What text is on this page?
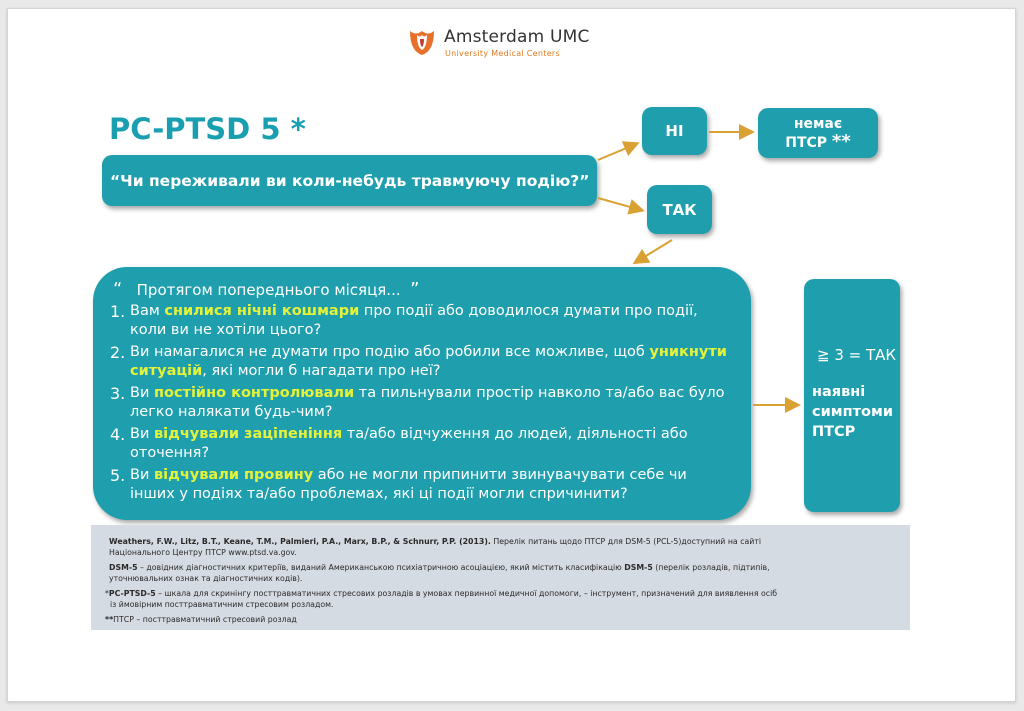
Amsterdam UMC
University Medical Centers
PC-PTSD 5 *
“Чи переживали ви коли-небудь травмуючу подію?”
НІ	немає
ПТСР **
ТАК
“ Протягом попереднього місяця... ”
1. Вам снилися нічні кошмари про події або доводилося думати про події,
коли ви не хотіли цього?
2. Ви намагалися не думати про подію або робили все можливе, щоб уникнути
ситуацій, які могли б нагадати про неї?
3. Ви постійно контролювали та пильнували простір навколо та/або вас було
легко налякати будь-чим?
4. Ви відчували заціпеніння та/або відчуження до людей, діяльності або
оточення?
5. Ви відчували провину або не могли припинити звинувачувати себе чи
інших у подіях та/або проблемах, які ці події могли спричинити?
≧ 3 = ТАК
наявні
симптоми
ПТСР

Weathers, F.W., Litz, B.T., Keane, T.M., Palmieri, P.A., Marx, B.P., & Schnurr, P.P. (2013). Перелік питань щодо ПТСР для DSM-5 (PCL-5)доступний на сайті
Національного Центру ПТСР www.ptsd.va.gov.

DSM-5 – довідник діагностичних критеріїв, виданий Американською психіатричною асоціацією, який містить класифікацію DSM-5 (перелік розладів, підтипів,
уточнювальних ознак та діагностичних кодів).

*PC-PTSD-5 – шкала для скринінгу посттравматичних стресових розладів в умовах первинної медичної допомоги, – інструмент, призначений для виявлення осіб
із ймовірним посттравматичним стресовим розладом.

**ПТСР – посттравматичний стресовий розлад
